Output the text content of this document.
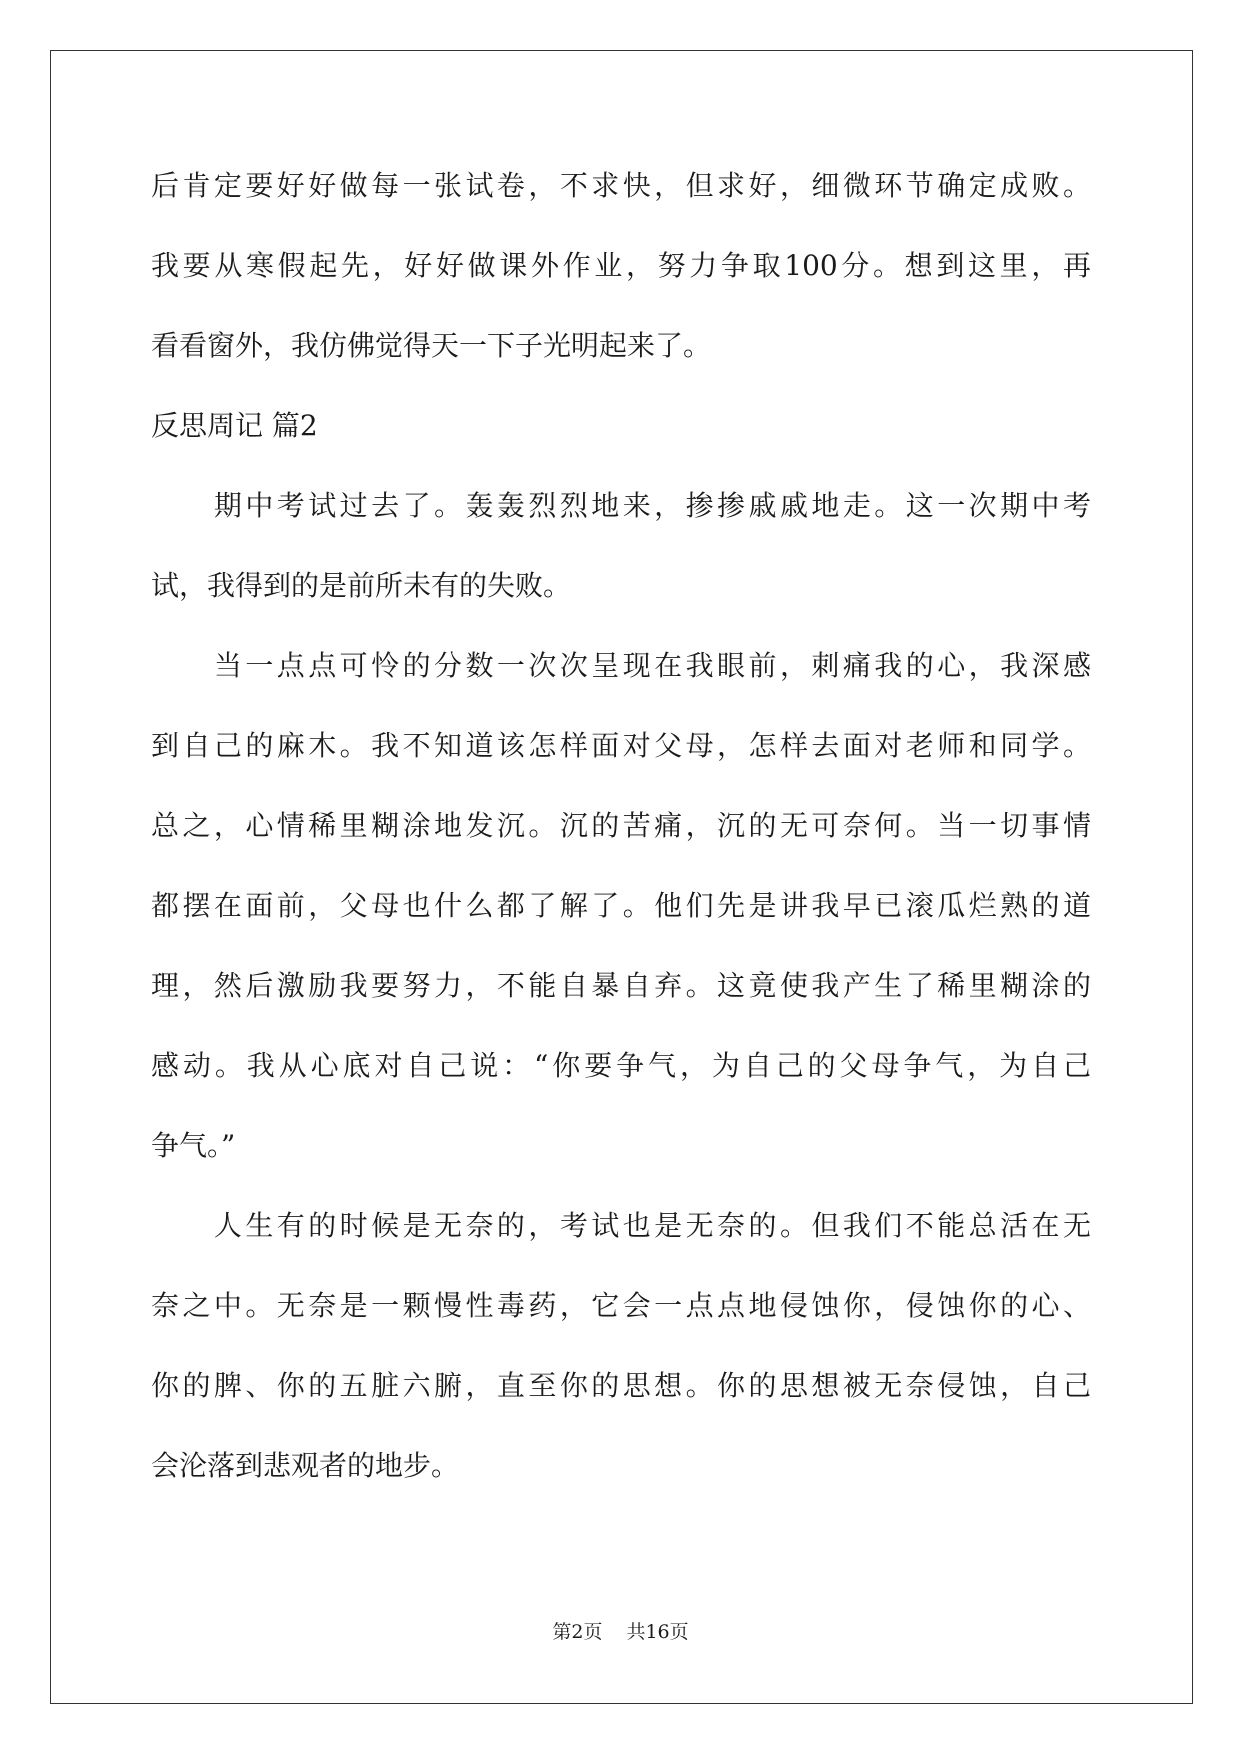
后肯定要好好做每一张试卷，不求快，但求好，细微环节确定成败。
我要从寒假起先，好好做课外作业，努力争取100分。想到这里，再
看看窗外，我仿佛觉得天一下子光明起来了。
反思周记 篇2
　　期中考试过去了。轰轰烈烈地来，掺掺戚戚地走。这一次期中考
试，我得到的是前所未有的失败。
　　当一点点可怜的分数一次次呈现在我眼前，刺痛我的心，我深感
到自己的麻木。我不知道该怎样面对父母，怎样去面对老师和同学。
总之，心情稀里糊涂地发沉。沉的苦痛，沉的无可奈何。当一切事情
都摆在面前，父母也什么都了解了。他们先是讲我早已滚瓜烂熟的道
理，然后激励我要努力，不能自暴自弃。这竟使我产生了稀里糊涂的
感动。我从心底对自己说：“你要争气，为自己的父母争气，为自己
争气。”
　　人生有的时候是无奈的，考试也是无奈的。但我们不能总活在无
奈之中。无奈是一颗慢性毒药，它会一点点地侵蚀你，侵蚀你的心、
你的脾、你的五脏六腑，直至你的思想。你的思想被无奈侵蚀，自己
会沦落到悲观者的地步。
第2页 共16页
